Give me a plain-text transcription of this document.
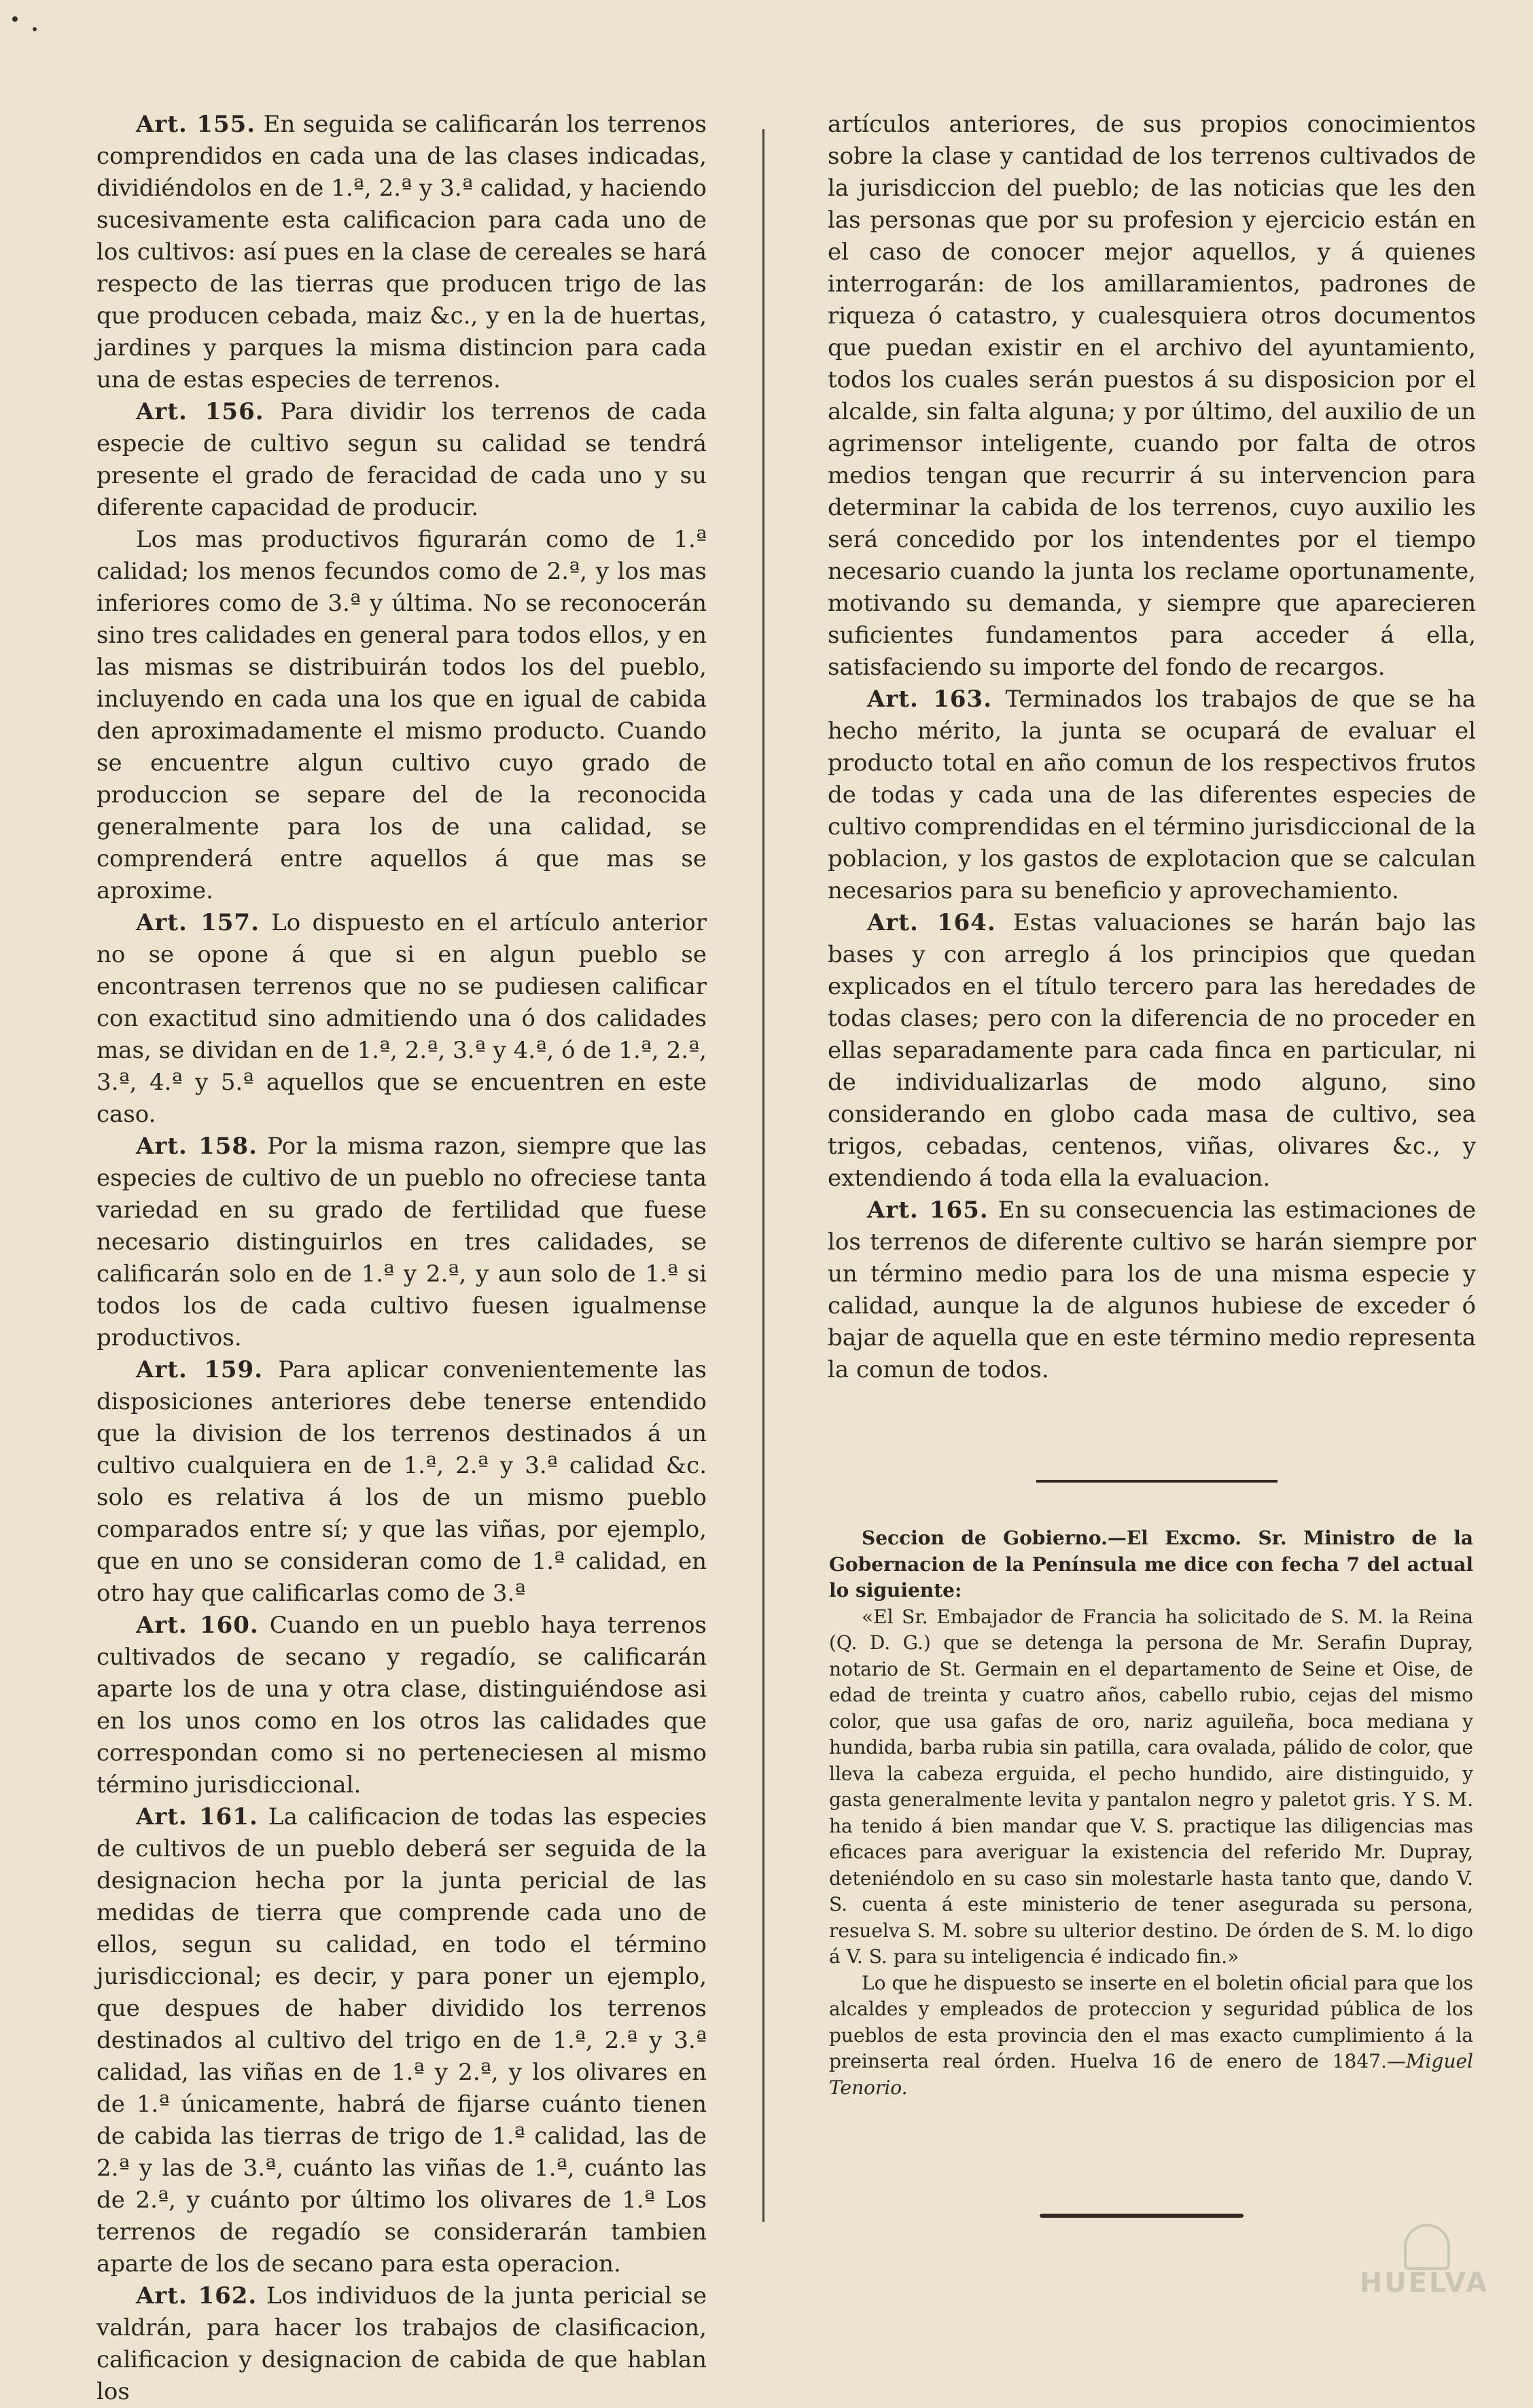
Art. 155. En seguida se calificarán los terrenos comprendidos en cada una de las clases indicadas, dividiéndolos en de 1.ª, 2.ª y 3.ª calidad, y haciendo sucesivamente esta calificacion para cada uno de los cultivos: así pues en la clase de cereales se hará respecto de las tierras que producen trigo de las que producen cebada, maiz &c., y en la de huertas, jardines y parques la misma distincion para cada una de estas especies de terrenos.

Art. 156. Para dividir los terrenos de cada especie de cultivo segun su calidad se tendrá presente el grado de feracidad de cada uno y su diferente capacidad de producir.

Los mas productivos figurarán como de 1.ª calidad; los menos fecundos como de 2.ª, y los mas inferiores como de 3.ª y última. No se reconocerán sino tres calidades en general para todos ellos, y en las mismas se distribuirán todos los del pueblo, incluyendo en cada una los que en igual de cabida den aproximadamente el mismo producto. Cuando se encuentre algun cultivo cuyo grado de produccion se separe del de la reconocida generalmente para los de una calidad, se comprenderá entre aquellos á que mas se aproxime.

Art. 157. Lo dispuesto en el artículo anterior no se opone á que si en algun pueblo se encontrasen terrenos que no se pudiesen calificar con exactitud sino admitiendo una ó dos calidades mas, se dividan en de 1.ª, 2.ª, 3.ª y 4.ª, ó de 1.ª, 2.ª, 3.ª, 4.ª y 5.ª aquellos que se encuentren en este caso.

Art. 158. Por la misma razon, siempre que las especies de cultivo de un pueblo no ofreciese tanta variedad en su grado de fertilidad que fuese necesario distinguirlos en tres calidades, se calificarán solo en de 1.ª y 2.ª, y aun solo de 1.ª si todos los de cada cultivo fuesen igualmense productivos.

Art. 159. Para aplicar convenientemente las disposiciones anteriores debe tenerse entendido que la division de los terrenos destinados á un cultivo cualquiera en de 1.ª, 2.ª y 3.ª calidad &c. solo es relativa á los de un mismo pueblo comparados entre sí; y que las viñas, por ejemplo, que en uno se consideran como de 1.ª calidad, en otro hay que calificarlas como de 3.ª

Art. 160. Cuando en un pueblo haya terrenos cultivados de secano y regadío, se calificarán aparte los de una y otra clase, distinguiéndose asi en los unos como en los otros las calidades que correspondan como si no perteneciesen al mismo término jurisdiccional.

Art. 161. La calificacion de todas las especies de cultivos de un pueblo deberá ser seguida de la designacion hecha por la junta pericial de las medidas de tierra que comprende cada uno de ellos, segun su calidad, en todo el término jurisdiccional; es decir, y para poner un ejemplo, que despues de haber dividido los terrenos destinados al cultivo del trigo en de 1.ª, 2.ª y 3.ª calidad, las viñas en de 1.ª y 2.ª, y los olivares en de 1.ª únicamente, habrá de fijarse cuánto tienen de cabida las tierras de trigo de 1.ª calidad, las de 2.ª y las de 3.ª, cuánto las viñas de 1.ª, cuánto las de 2.ª, y cuánto por último los olivares de 1.ª Los terrenos de regadío se considerarán tambien aparte de los de secano para esta operacion.

Art. 162. Los individuos de la junta pericial se valdrán, para hacer los trabajos de clasificacion, calificacion y designacion de cabida de que hablan los

artículos anteriores, de sus propios conocimientos sobre la clase y cantidad de los terrenos cultivados de la jurisdiccion del pueblo; de las noticias que les den las personas que por su profesion y ejercicio están en el caso de conocer mejor aquellos, y á quienes interrogarán: de los amillaramientos, padrones de riqueza ó catastro, y cualesquiera otros documentos que puedan existir en el archivo del ayuntamiento, todos los cuales serán puestos á su disposicion por el alcalde, sin falta alguna; y por último, del auxilio de un agrimensor inteligente, cuando por falta de otros medios tengan que recurrir á su intervencion para determinar la cabida de los terrenos, cuyo auxilio les será concedido por los intendentes por el tiempo necesario cuando la junta los reclame oportunamente, motivando su demanda, y siempre que aparecieren suficientes fundamentos para acceder á ella, satisfaciendo su importe del fondo de recargos.

Art. 163. Terminados los trabajos de que se ha hecho mérito, la junta se ocupará de evaluar el producto total en año comun de los respectivos frutos de todas y cada una de las diferentes especies de cultivo comprendidas en el término jurisdiccional de la poblacion, y los gastos de explotacion que se calculan necesarios para su beneficio y aprovechamiento.

Art. 164. Estas valuaciones se harán bajo las bases y con arreglo á los principios que quedan explicados en el título tercero para las heredades de todas clases; pero con la diferencia de no proceder en ellas separadamente para cada finca en particular, ni de individualizarlas de modo alguno, sino considerando en globo cada masa de cultivo, sea trigos, cebadas, centenos, viñas, olivares &c., y extendiendo á toda ella la evaluacion.

Art. 165. En su consecuencia las estimaciones de los terrenos de diferente cultivo se harán siempre por un término medio para los de una misma especie y calidad, aunque la de algunos hubiese de exceder ó bajar de aquella que en este término medio representa la comun de todos.

Seccion de Gobierno.—El Excmo. Sr. Ministro de la Gobernacion de la Península me dice con fecha 7 del actual lo siguiente:

«El Sr. Embajador de Francia ha solicitado de S. M. la Reina (Q. D. G.) que se detenga la persona de Mr. Serafin Dupray, notario de St. Germain en el departamento de Seine et Oise, de edad de treinta y cuatro años, cabello rubio, cejas del mismo color, que usa gafas de oro, nariz aguileña, boca mediana y hundida, barba rubia sin patilla, cara ovalada, pálido de color, que lleva la cabeza erguida, el pecho hundido, aire distinguido, y gasta generalmente levita y pantalon negro y paletot gris. Y S. M. ha tenido á bien mandar que V. S. practique las diligencias mas eficaces para averiguar la existencia del referido Mr. Dupray, deteniéndolo en su caso sin molestarle hasta tanto que, dando V. S. cuenta á este ministerio de tener asegurada su persona, resuelva S. M. sobre su ulterior destino. De órden de S. M. lo digo á V. S. para su inteligencia é indicado fin.»

Lo que he dispuesto se inserte en el boletin oficial para que los alcaldes y empleados de proteccion y seguridad pública de los pueblos de esta provincia den el mas exacto cumplimiento á la preinserta real órden. Huelva 16 de enero de 1847.—Miguel Tenorio.

HUELVA
